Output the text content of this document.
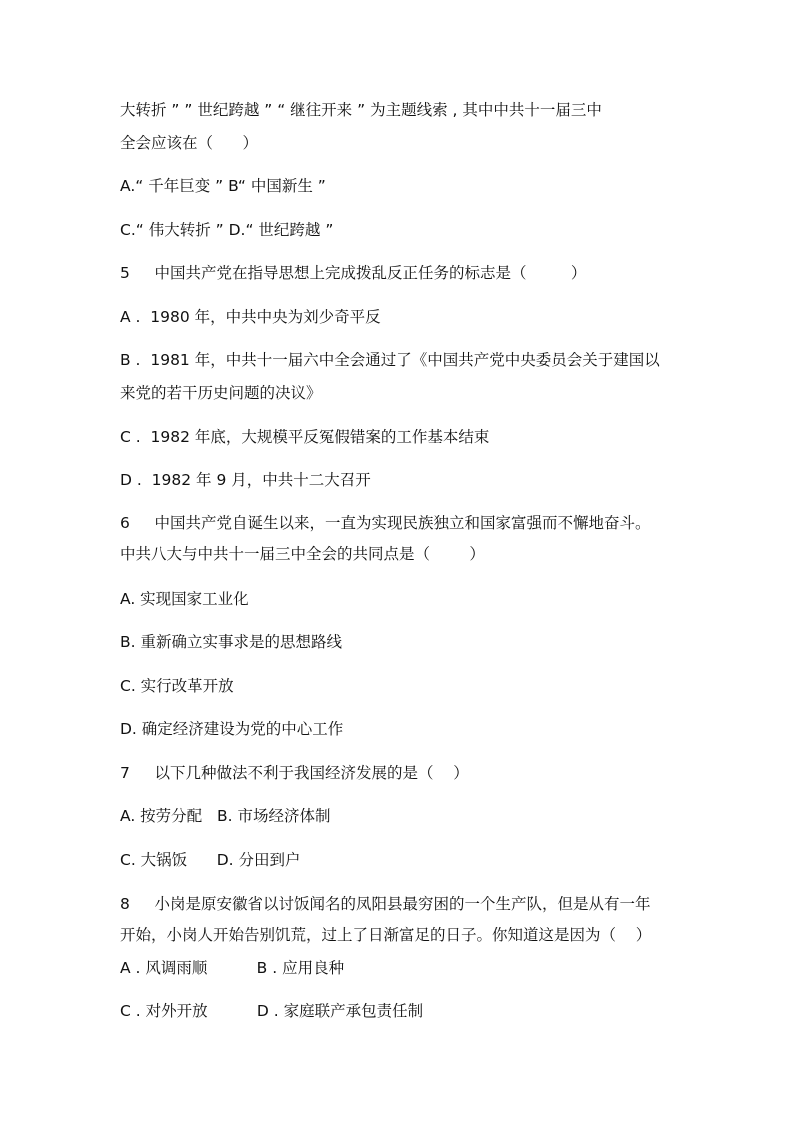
大转折 ” ” 世纪跨越 ” “ 继往开来 ” 为主题线索 , 其中中共十一届三中
全会应该在（      ）
A.“ 千年巨变 ” B“ 中国新生 ”
C.“ 伟大转折 ” D.“ 世纪跨越 ”
5     中国共产党在指导思想上完成拨乱反正任务的标志是（         ）
A .  1980 年，中共中央为刘少奇平反
B .  1981 年，中共十一届六中全会通过了《中国共产党中央委员会关于建国以
来党的若干历史问题的决议》
C .  1982 年底，大规模平反冤假错案的工作基本结束
D .  1982 年 9 月，中共十二大召开
6     中国共产党自诞生以来，一直为实现民族独立和国家富强而不懈地奋斗。
中共八大与中共十一届三中全会的共同点是（        ）
A. 实现国家工业化
B. 重新确立实事求是的思想路线
C. 实行改革开放
D. 确定经济建设为党的中心工作
7     以下几种做法不利于我国经济发展的是（    ）
A. 按劳分配   B. 市场经济体制
C. 大锅饭      D. 分田到户
8     小岗是原安徽省以讨饭闻名的凤阳县最穷困的一个生产队，但是从有一年
开始，小岗人开始告别饥荒，过上了日渐富足的日子。你知道这是因为（    ）
A . 风调雨顺          B . 应用良种
C . 对外开放          D . 家庭联产承包责任制
